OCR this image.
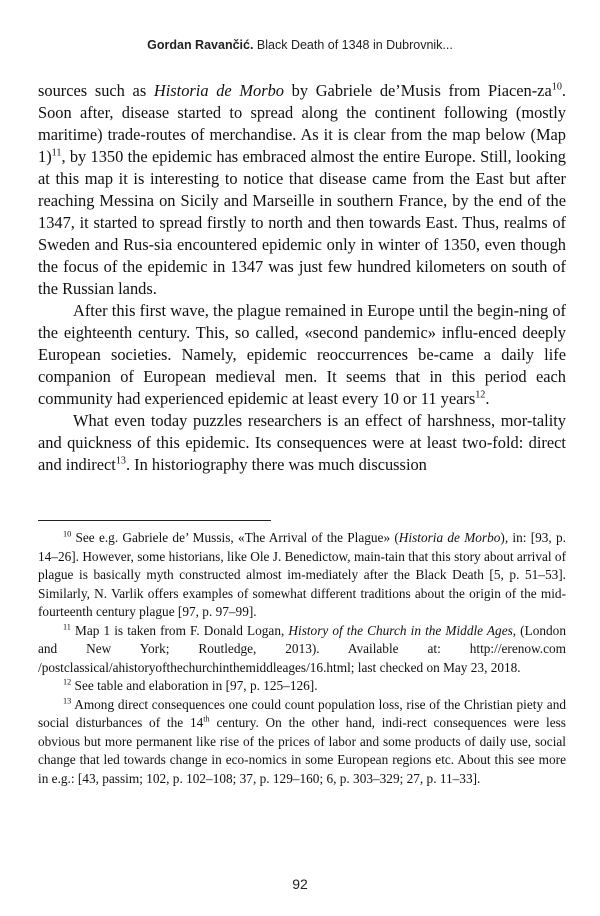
Gordan Ravančić. Black Death of 1348 in Dubrovnik...

sources such as Historia de Morbo by Gabriele de’Musis from Piacen-$za^{10}$. Soon after, disease started to spread along the continent following (mostly maritime) trade-routes of merchandise. As it is clear from the map below (Map 1)$^{11}$, by 1350 the epidemic has embraced almost the entire Europe. Still, looking at this map it is interesting to notice that disease came from the East but after reaching Messina on Sicily and Marseille in southern France, by the end of the 1347, it started to spread firstly to north and then towards East. Thus, realms of Sweden and Rus-sia encountered epidemic only in winter of 1350, even though the focus of the epidemic in 1347 was just few hundred kilometers on south of the Russian lands.

After this first wave, the plague remained in Europe until the begin-ning of the eighteenth century. This, so called, «second pandemic» influ-enced deeply European societies. Namely, epidemic reoccurrences be-came a daily life companion of European medieval men. It seems that in this period each community had experienced epidemic at least every 10 or 11 years$^{12}$.

What even today puzzles researchers is an effect of harshness, mor-tality and quickness of this epidemic. Its consequences were at least two-fold: direct and indirect$^{13}$. In historiography there was much discussion

$^{10}$ See e.g. Gabriele de’ Mussis, «The Arrival of the Plague» (Historia de Morbo), in: [93, p. 14–26]. However, some historians, like Ole J. Benedictow, main-tain that this story about arrival of plague is basically myth constructed almost im-mediately after the Black Death [5, p. 51–53]. Similarly, N. Varlik offers examples of somewhat different traditions about the origin of the mid-fourteenth century plague [97, p. 97–99].

$^{11}$ Map 1 is taken from F. Donald Logan, History of the Church in the Middle Ages, (London and New York; Routledge, 2013). Available at: http://erenow.com /postclassical/ahistoryofthechurchinthemiddleages/16.html; last checked on May 23, 2018.

$^{12}$ See table and elaboration in [97, p. 125–126].

$^{13}$ Among direct consequences one could count population loss, rise of the Christian piety and social disturbances of the 14th century. On the other hand, indi-rect consequences were less obvious but more permanent like rise of the prices of labor and some products of daily use, social change that led towards change in eco-nomics in some European regions etc. About this see more in e.g.: [43, passim; 102, p. 102–108; 37, p. 129–160; 6, p. 303–329; 27, p. 11–33].

92
